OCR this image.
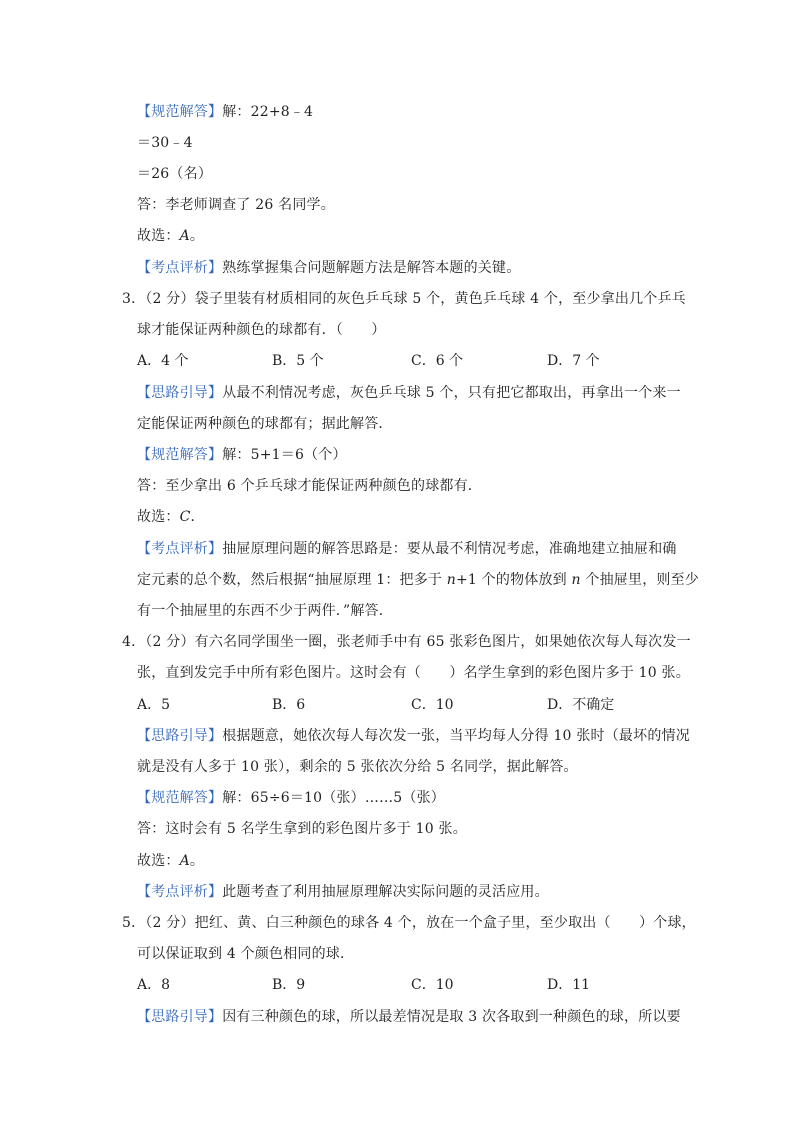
【规范解答】解：22+8﹣4
＝30﹣4
＝26（名）
答：李老师调查了 26 名同学。
故选：A。
【考点评析】熟练掌握集合问题解题方法是解答本题的关键。
3．（2 分）袋子里装有材质相同的灰色乒乓球 5 个，黄色乒乓球 4 个，至少拿出几个乒乓
球才能保证两种颜色的球都有．（　　）
A．4 个	B．5 个	C．6 个	D．7 个
【思路引导】从最不利情况考虑，灰色乒乓球 5 个，只有把它都取出，再拿出一个来一
定能保证两种颜色的球都有；据此解答．
【规范解答】解：5+1＝6（个）
答：至少拿出 6 个乒乓球才能保证两种颜色的球都有．
故选：C．
【考点评析】抽屉原理问题的解答思路是：要从最不利情况考虑，准确地建立抽屉和确
定元素的总个数，然后根据“抽屉原理 1：把多于 n+1 个的物体放到 n 个抽屉里，则至少
有一个抽屉里的东西不少于两件．”解答．
4．（2 分）有六名同学围坐一圈，张老师手中有 65 张彩色图片，如果她依次每人每次发一
张，直到发完手中所有彩色图片。这时会有（　　）名学生拿到的彩色图片多于 10 张。
A．5	B．6	C．10	D．不确定
【思路引导】根据题意，她依次每人每次发一张，当平均每人分得 10 张时（最坏的情况
就是没有人多于 10 张），剩余的 5 张依次分给 5 名同学，据此解答。
【规范解答】解：65÷6＝10（张）……5（张）
答：这时会有 5 名学生拿到的彩色图片多于 10 张。
故选：A。
【考点评析】此题考查了利用抽屉原理解决实际问题的灵活应用。
5．（2 分）把红、黄、白三种颜色的球各 4 个，放在一个盒子里，至少取出（　　）个球，
可以保证取到 4 个颜色相同的球．
A．8	B．9	C．10	D．11
【思路引导】因有三种颜色的球，所以最差情况是取 3 次各取到一种颜色的球，所以要
